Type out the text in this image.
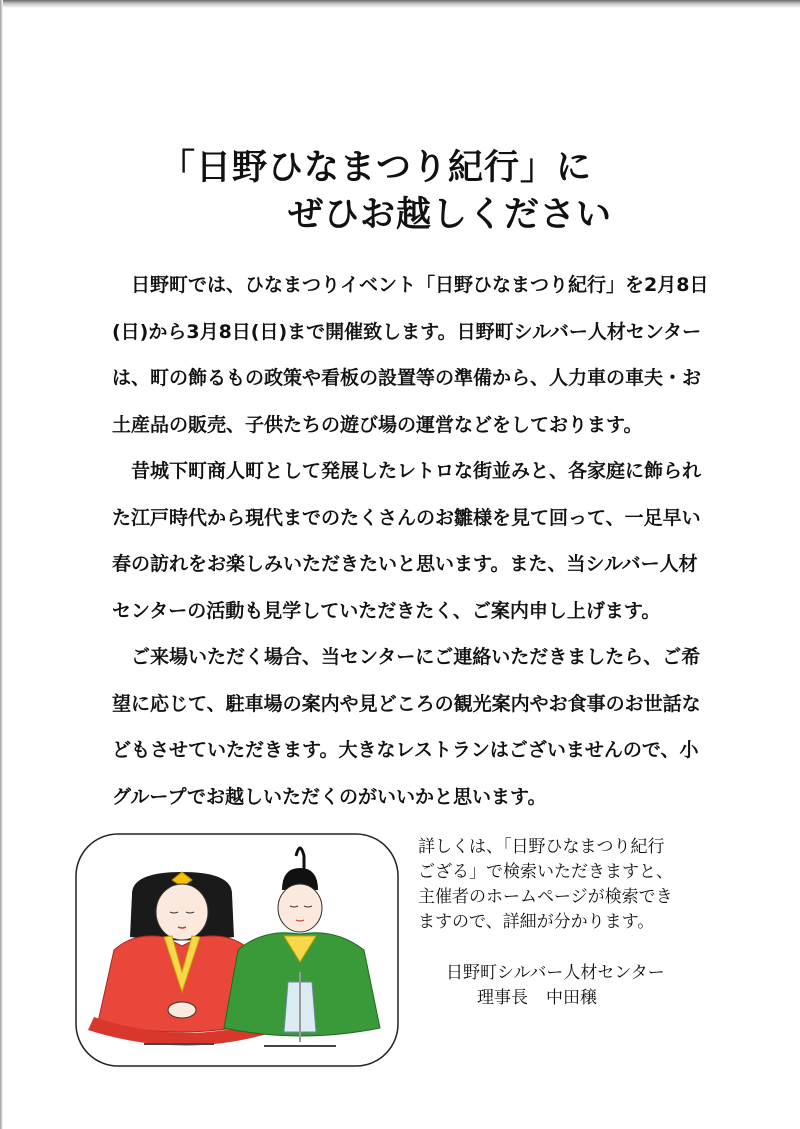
「日野ひなまつり紀行」に
ぜひお越しください

日野町では、ひなまつりイベント「日野ひなまつり紀行」を2月8日(日)から3月8日(日)まで開催致します。日野町シルバー人材センターは、町の飾るもの政策や看板の設置等の準備から、人力車の車夫・お土産品の販売、子供たちの遊び場の運営などをしております。

昔城下町商人町として発展したレトロな街並みと、各家庭に飾られた江戸時代から現代までのたくさんのお雛様を見て回って、一足早い春の訪れをお楽しみいただきたいと思います。また、当シルバー人材センターの活動も見学していただきたく、ご案内申し上げます。

ご来場いただく場合、当センターにご連絡いただきましたら、ご希望に応じて、駐車場の案内や見どころの観光案内やお食事のお世話などもさせていただきます。大きなレストランはございませんので、小グループでお越しいただくのがいいかと思います。

詳しくは、「日野ひなまつり紀行ござる」で検索いただきますと、主催者のホームページが検索できますので、詳細が分かります。

日野町シルバー人材センター
理事長 中田穣
